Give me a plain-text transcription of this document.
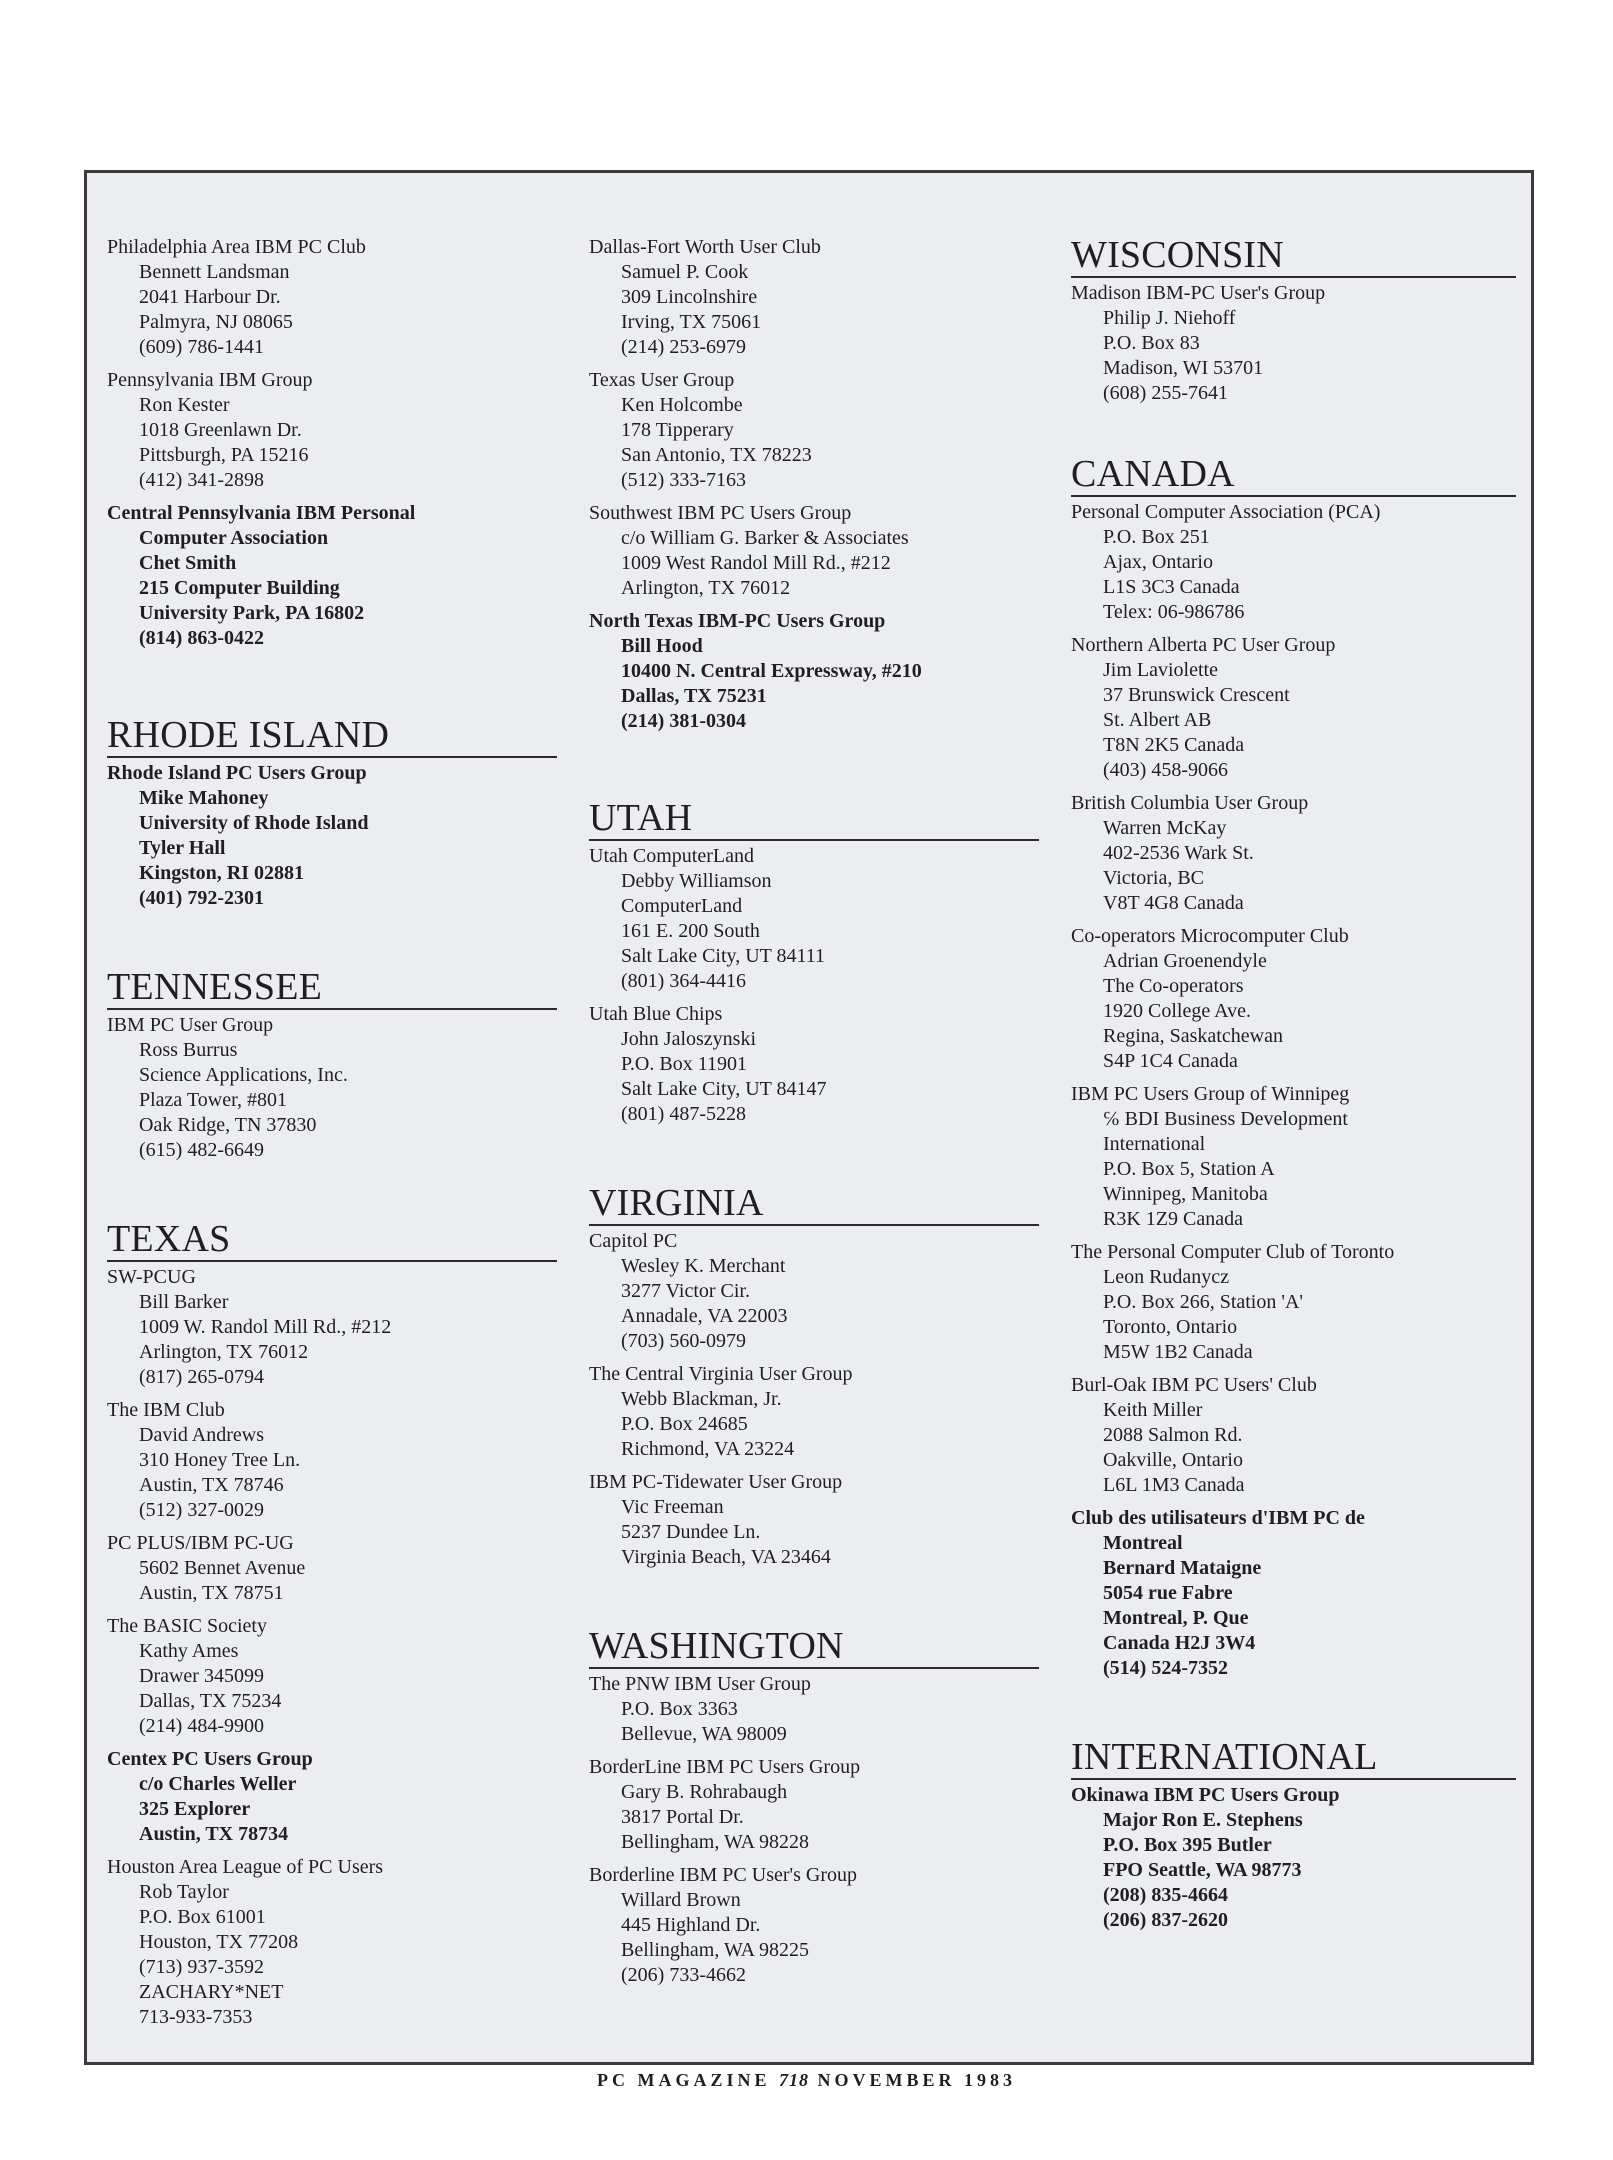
Philadelphia Area IBM PC Club
Bennett Landsman
2041 Harbour Dr.
Palmyra, NJ 08065
(609) 786-1441
Pennsylvania IBM Group
Ron Kester
1018 Greenlawn Dr.
Pittsburgh, PA 15216
(412) 341-2898
Central Pennsylvania IBM Personal
Computer Association
Chet Smith
215 Computer Building
University Park, PA 16802
(814) 863-0422
RHODE ISLAND
Rhode Island PC Users Group
Mike Mahoney
University of Rhode Island
Tyler Hall
Kingston, RI 02881
(401) 792-2301
TENNESSEE
IBM PC User Group
Ross Burrus
Science Applications, Inc.
Plaza Tower, #801
Oak Ridge, TN 37830
(615) 482-6649
TEXAS
SW-PCUG
Bill Barker
1009 W. Randol Mill Rd., #212
Arlington, TX 76012
(817) 265-0794
The IBM Club
David Andrews
310 Honey Tree Ln.
Austin, TX 78746
(512) 327-0029
PC PLUS/IBM PC-UG
5602 Bennet Avenue
Austin, TX 78751
The BASIC Society
Kathy Ames
Drawer 345099
Dallas, TX 75234
(214) 484-9900
Centex PC Users Group
c/o Charles Weller
325 Explorer
Austin, TX 78734
Houston Area League of PC Users
Rob Taylor
P.O. Box 61001
Houston, TX 77208
(713) 937-3592
ZACHARY*NET
713-933-7353
Dallas-Fort Worth User Club
Samuel P. Cook
309 Lincolnshire
Irving, TX 75061
(214) 253-6979
Texas User Group
Ken Holcombe
178 Tipperary
San Antonio, TX 78223
(512) 333-7163
Southwest IBM PC Users Group
c/o William G. Barker & Associates
1009 West Randol Mill Rd., #212
Arlington, TX 76012
North Texas IBM-PC Users Group
Bill Hood
10400 N. Central Expressway, #210
Dallas, TX 75231
(214) 381-0304
UTAH
Utah ComputerLand
Debby Williamson
ComputerLand
161 E. 200 South
Salt Lake City, UT 84111
(801) 364-4416
Utah Blue Chips
John Jaloszynski
P.O. Box 11901
Salt Lake City, UT 84147
(801) 487-5228
VIRGINIA
Capitol PC
Wesley K. Merchant
3277 Victor Cir.
Annadale, VA 22003
(703) 560-0979
The Central Virginia User Group
Webb Blackman, Jr.
P.O. Box 24685
Richmond, VA 23224
IBM PC-Tidewater User Group
Vic Freeman
5237 Dundee Ln.
Virginia Beach, VA 23464
WASHINGTON
The PNW IBM User Group
P.O. Box 3363
Bellevue, WA 98009
BorderLine IBM PC Users Group
Gary B. Rohrabaugh
3817 Portal Dr.
Bellingham, WA 98228
Borderline IBM PC User's Group
Willard Brown
445 Highland Dr.
Bellingham, WA 98225
(206) 733-4662
WISCONSIN
Madison IBM-PC User's Group
Philip J. Niehoff
P.O. Box 83
Madison, WI 53701
(608) 255-7641
CANADA
Personal Computer Association (PCA)
P.O. Box 251
Ajax, Ontario
L1S 3C3 Canada
Telex: 06-986786
Northern Alberta PC User Group
Jim Laviolette
37 Brunswick Crescent
St. Albert AB
T8N 2K5 Canada
(403) 458-9066
British Columbia User Group
Warren McKay
402-2536 Wark St.
Victoria, BC
V8T 4G8 Canada
Co-operators Microcomputer Club
Adrian Groenendyle
The Co-operators
1920 College Ave.
Regina, Saskatchewan
S4P 1C4 Canada
IBM PC Users Group of Winnipeg
℅ BDI Business Development
International
P.O. Box 5, Station A
Winnipeg, Manitoba
R3K 1Z9 Canada
The Personal Computer Club of Toronto
Leon Rudanycz
P.O. Box 266, Station 'A'
Toronto, Ontario
M5W 1B2 Canada
Burl-Oak IBM PC Users' Club
Keith Miller
2088 Salmon Rd.
Oakville, Ontario
L6L 1M3 Canada
Club des utilisateurs d'IBM PC de
Montreal
Bernard Mataigne
5054 rue Fabre
Montreal, P. Que
Canada H2J 3W4
(514) 524-7352
INTERNATIONAL
Okinawa IBM PC Users Group
Major Ron E. Stephens
P.O. Box 395 Butler
FPO Seattle, WA 98773
(208) 835-4664
(206) 837-2620
PC MAGAZINE 718 NOVEMBER 1983
